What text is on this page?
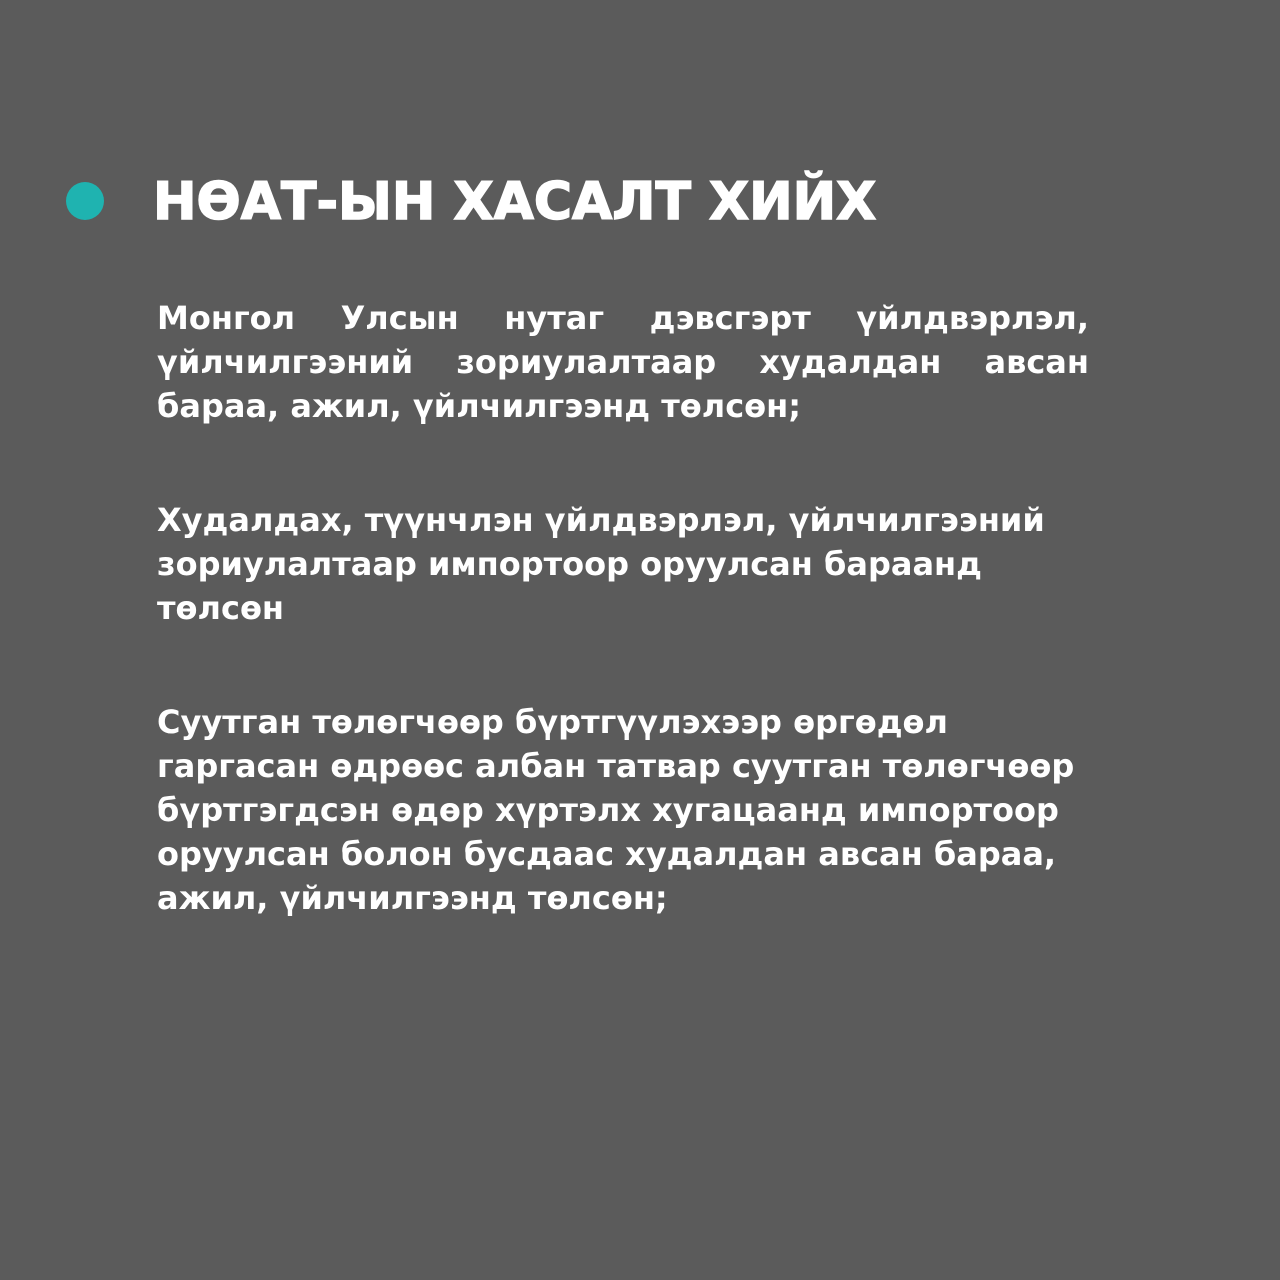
НӨАТ-ЫН ХАСАЛТ ХИЙХ

Монгол Улсын нутаг дэвсгэрт үйлдвэрлэл, үйлчилгээний зориулалтаар худалдан авсан бараа, ажил, үйлчилгээнд төлсөн;

Худалдах, түүнчлэн үйлдвэрлэл, үйлчилгээний зориулалтаар импортоор оруулсан бараанд төлсөн

Суутган төлөгчөөр бүртгүүлэхээр өргөдөл гаргасан өдрөөс албан татвар суутган төлөгчөөр бүртгэгдсэн өдөр хүртэлх хугацаанд импортоор оруулсан болон бусдаас худалдан авсан бараа, ажил, үйлчилгээнд төлсөн;
